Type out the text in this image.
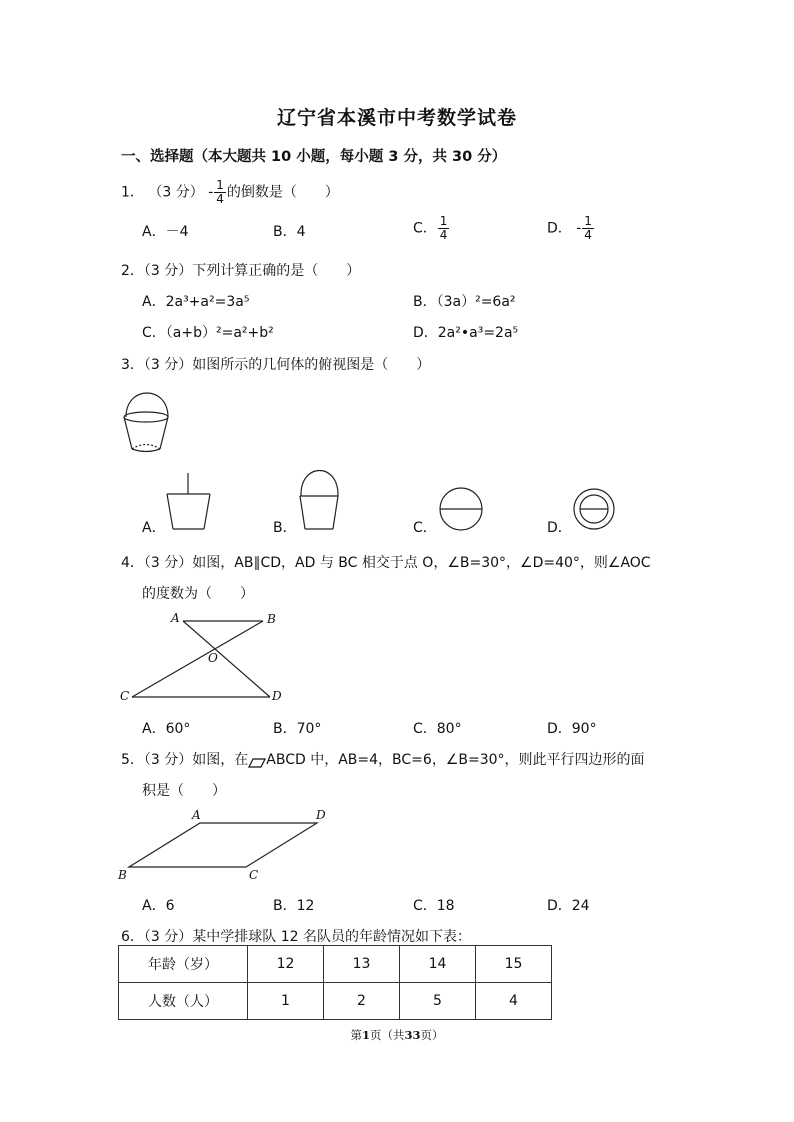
辽宁省本溪市中考数学试卷
一、选择题（本大题共 10 小题，每小题 3 分，共 30 分）
1． （3 分） - $\frac{1}{4}$ 的倒数是（　　）
A．－4	B．4	C． $\frac{1}{4}$	D． - $\frac{1}{4}$
2．（3 分）下列计算正确的是（　　）
A．2a³+a²=3a⁵	B．（3a）²=6a²
C．（a+b）²=a²+b²	D．2a²•a³=2a⁵
3．（3 分）如图所示的几何体的俯视图是（　　）
A．	B．	C．	D．
4．（3 分）如图，AB∥CD，AD 与 BC 相交于点 O，∠B=30°，∠D=40°，则∠AOC
的度数为（　　）
A	B
O
C	D
A．60°	B．70°	C．80°	D．90°
5．（3 分）如图，在 ABCD 中，AB=4，BC=6，∠B=30°，则此平行四边形的面
积是（　　）
A	D
B	C
A．6	B．12	C．18	D．24
6．（3 分）某中学排球队 12 名队员的年龄情况如下表：
年龄（岁）	12	13	14	15
人数（人）	1	2	5	4
第1页（共33页）
